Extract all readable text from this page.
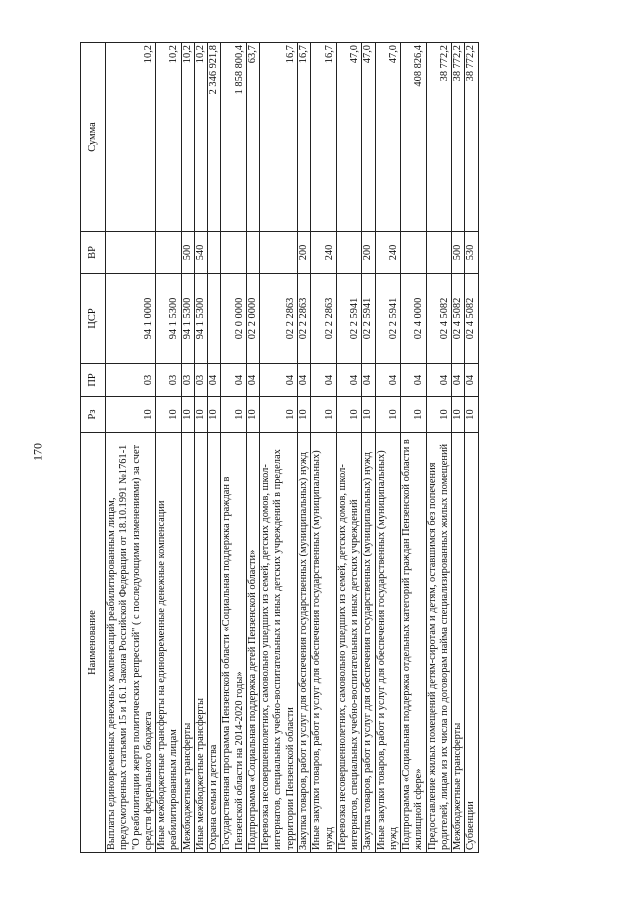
170
Наименование	Рз	ПР	ЦСР	ВР	Сумма
Выплаты единовременных денежных компенсаций реабилитированным лицам, предусмотренных статьями 15 и 16.1 Закона Российской Федерации от 18.10.1991 №1761-1 "О реабилитации жертв политических репрессий" ( с последующими изменениями) за счет средств федерального бюджета	10	03	94 1 0000		10,2
Иные межбюджетные трансферты на единовременные денежные компенсации реабилитированным лицам	10	03	94 1 5300		10,2
Межбюджетные трансферты	10	03	94 1 5300	500	10,2
Иные межбюджетные трансферты	10	03	94 1 5300	540	10,2
Охрана семьи и детства	10	04			2 346 921,8
Государственная программа Пензенской области «Социальная поддержка граждан в Пензенской области на 2014-2020 годы»	10	04	02 0 0000		1 858 800,4
Подпрограмма «Социальная поддержка детей Пензенской области»	10	04	02 2 0000		63,7
Перевозка несовершеннолетних, самовольно ушедших из семей, детских домов, школ-интернатов, специальных учебно-воспитательных и иных детских учреждений в пределах территории Пензенской области	10	04	02 2 2863		16,7
Закупка товаров, работ и услуг для обеспечения государственных (муниципальных) нужд	10	04	02 2 2863	200	16,7
Иные закупки товаров, работ и услуг для обеспечения государственных (муниципальных) нужд	10	04	02 2 2863	240	16,7
Перевозка несовершеннолетних, самовольно ушедших из семей, детских домов, школ-интернатов, специальных учебно-воспитательных и иных детских учреждений	10	04	02 2 5941		47,0
Закупка товаров, работ и услуг для обеспечения государственных (муниципальных) нужд	10	04	02 2 5941	200	47,0
Иные закупки товаров, работ и услуг для обеспечения государственных (муниципальных) нужд	10	04	02 2 5941	240	47,0
Подпрограмма «Социальная поддержка отдельных категорий граждан Пензенской области в жилищной сфере»	10	04	02 4 0000		408 826,4
Предоставление жилых помещений детям-сиротам и детям, оставшимся без попечения родителей, лицам из их числа по договорам найма специализированных жилых помещений	10	04	02 4 5082		38 772,2
Межбюджетные трансферты	10	04	02 4 5082	500	38 772,2
Субвенции	10	04	02 4 5082	530	38 772,2
